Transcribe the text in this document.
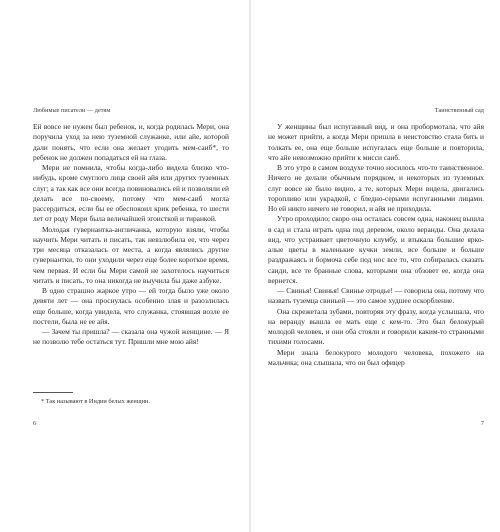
Любимые писатели — детям

Ей вовсе не нужен был ребенок, и, когда родилась Мери, она поручила уход за нею туземной служанке, или айе, которой дали понять, что если она желает угодить мем-саиб*, то ребенок не должен попадаться ей на глаза.

Мери не помнила, чтобы когда-либо видела близко что-нибудь, кроме смуглого лица своей айя или других туземных слуг; а так как все они всегда повиновались ей и позволяли ей делать все по-своему, потому что мем-саиб могла рассердиться, если бы ее обеспокоил крик ребенка, то шести лет от роду Мери была величайшей эгоисткой и тиранкой.

Молодая гувернантка-англичанка, которую взяли, чтобы научить Мери читать и писать, так невзлюбила ее, что через три месяца отказалась от места, а когда являлись другие гувернантки, то они уходили через еще более короткое время, чем первая. И если бы Мери самой не захотелось научиться читать и писать, то она никогда не выучила бы даже азбуке.

В одно страшно жаркое утро — ей тогда было уже около девяти лет — она проснулась особенно злая и разозлилась еще больше, когда увидела, что служанка, стоявшая возле ее постели, была не ее айя.

— Зачем ты пришла? — сказала она чужой женщине. — Я не позволю тебе остаться тут. Пришли мне мою айя!

* Так называют в Индии белых женщин.
6
Таинственный сад

У женщины был испуганный вид, и она пробормотала, что айя не может прийти, а когда Мери пришла в неистовство стала бить и толкать ее, она еще больше испугалась еще больше и повторила, что айе невозможно прийти к мисси саиб.

В это утро в самом воздухе точно носилось что-то таинственное. Ничего не делали обычным порядком, и некоторых из туземных слуг вовсе не было видно, а те, которых Мери видела, двигались торопливо или украдкой, с бледно-серыми испуганными лицами. Но ей никто ничего не говорил, и айя не приходила.

Утро проходило; скоро она осталась совсем одна, наконец вышла в сад и стала играть одна под деревом, около веранды. Она делала вид, что устраивает цветочную клумбу, и втыкала большие ярко-алые цветы в маленькие кучки земли, все больше и больше раздражаясь и бормоча себе под нос все то, что собиралась сказать саиди, все те бранные слова, которыми она обзовет ее, когда она вернется.

— Свинья! Свинья! Свинье отродье! — говорила она, потому что назвать туземца свиньей — это самое худшее оскорбление.

Она скрежетала зубами, повторяя эту фразу, когда услышала, что на веранду вышла ее мать еще с кем-то. Это был белокурый молодой человек, и они оба стояли и говорили каким-то странными тихими голосами.

Мери знала белокурого молодого человека, похожего на мальчика; она слышала, что он был офицер

7
